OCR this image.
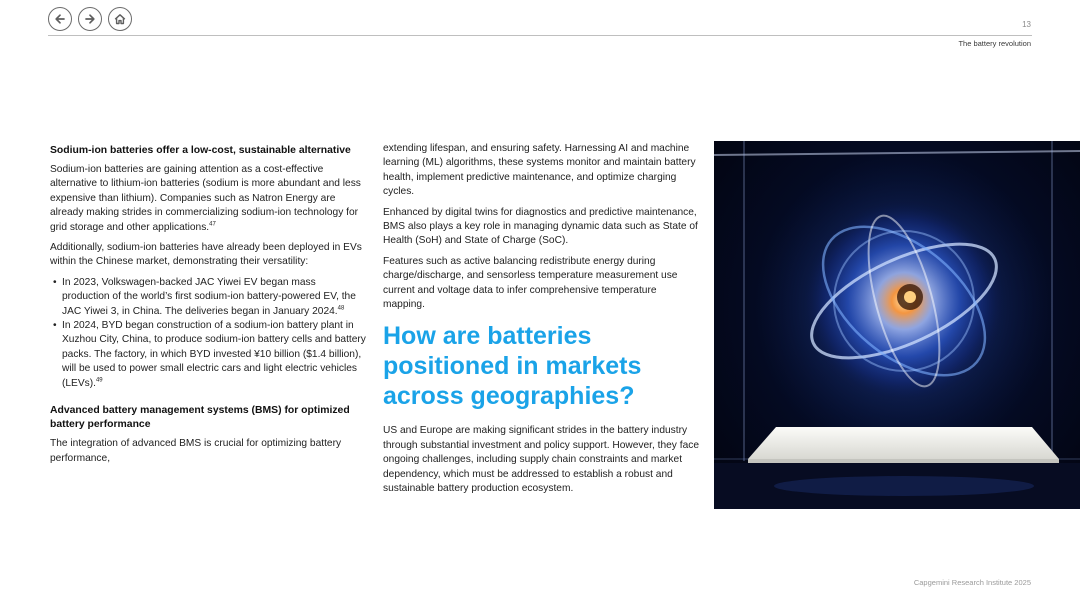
13
The battery revolution
Sodium-ion batteries offer a low-cost, sustainable alternative

Sodium-ion batteries are gaining attention as a cost-effective alternative to lithium-ion batteries (sodium is more abundant and less expensive than lithium). Companies such as Natron Energy are already making strides in commercializing sodium-ion technology for grid storage and other applications.$^{47}$

Additionally, sodium-ion batteries have already been deployed in EVs within the Chinese market, demonstrating their versatility:

• In 2023, Volkswagen-backed JAC Yiwei EV began mass production of the world’s first sodium-ion battery-powered EV, the JAC Yiwei 3, in China. The deliveries began in January 2024.48
• In 2024, BYD began construction of a sodium-ion battery plant in Xuzhou City, China, to produce sodium-ion battery cells and battery packs. The factory, in which BYD invested ¥10 billion ($1.4 billion), will be used to power small electric cars and light electric vehicles (LEVs).$^{49}$
Advanced battery management systems (BMS) for optimized battery performance

The integration of advanced BMS is crucial for optimizing battery performance,

extending lifespan, and ensuring safety. Harnessing AI and machine learning (ML) algorithms, these systems monitor and maintain battery health, implement predictive maintenance, and optimize charging cycles.

Enhanced by digital twins for diagnostics and predictive maintenance, BMS also plays a key role in managing dynamic data such as State of Health (SoH) and State of Charge (SoC).

Features such as active balancing redistribute energy during charge/discharge, and sensorless temperature measurement use current and voltage data to infer comprehensive temperature mapping.

How are batteries positioned in markets across geographies?

US and Europe are making significant strides in the battery industry through substantial investment and policy support. However, they face ongoing challenges, including supply chain constraints and market dependency, which must be addressed to establish a robust and sustainable battery production ecosystem.

Capgemini Research Institute 2025
